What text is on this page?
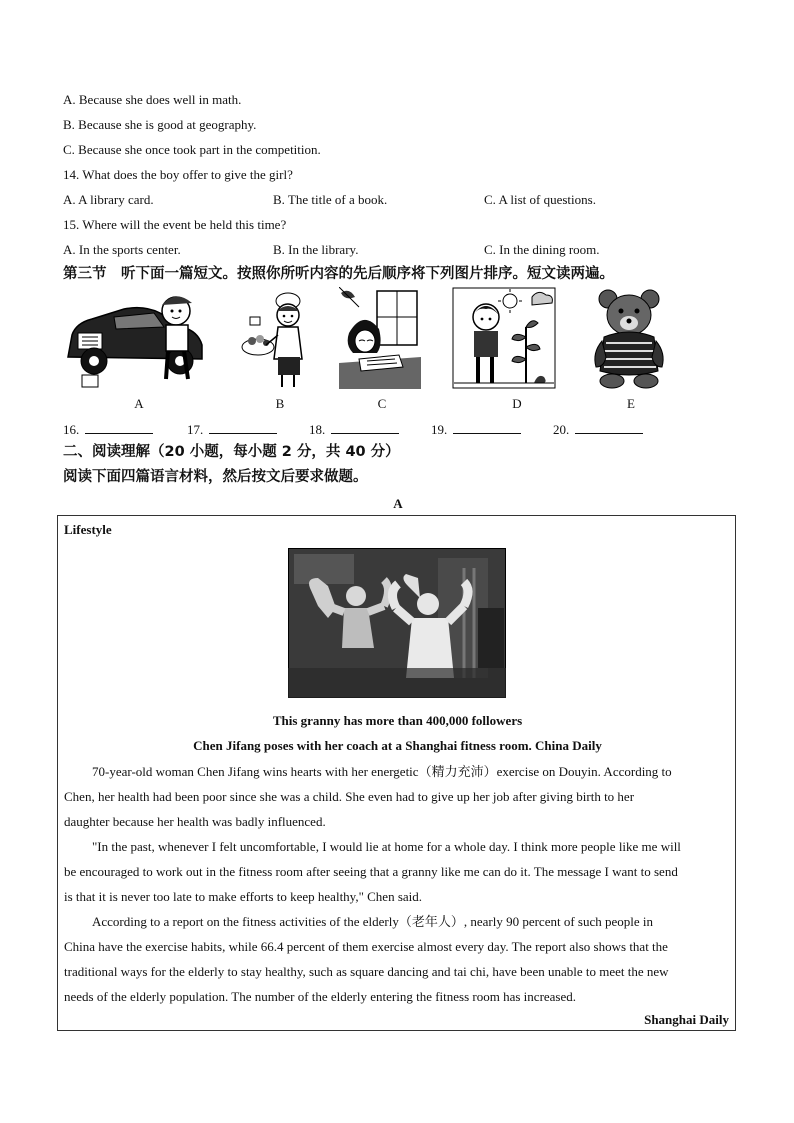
A. Because she does well in math.
B. Because she is good at geography.
C. Because she once took part in the competition.
14. What does the boy offer to give the girl?
A. A library card.	B. The title of a book.	C. A list of questions.
15. Where will the event be held this time?
A. In the sports center.	B. In the library.	C. In the dining room.
第三节　听下面一篇短文。按照你所听内容的先后顺序将下列图片排序。短文读两遍。
A	B	C	D	E
16.	17.	18.	19.	20.
二、阅读理解（20 小题，每小题 2 分，共 40 分）
阅读下面四篇语言材料，然后按文后要求做题。
A
Lifestyle
This granny has more than 400,000 followers
Chen Jifang poses with her coach at a Shanghai fitness room. China Daily
70-year-old woman Chen Jifang wins hearts with her energetic（精力充沛）exercise on Douyin. According to
Chen, her health had been poor since she was a child. She even had to give up her job after giving birth to her
daughter because her health was badly influenced.
"In the past, whenever I felt uncomfortable, I would lie at home for a whole day. I think more people like me will
be encouraged to work out in the fitness room after seeing that a granny like me can do it. The message I want to send
is that it is never too late to make efforts to keep healthy," Chen said.
According to a report on the fitness activities of the elderly（老年人）, nearly 90 percent of such people in
China have the exercise habits, while 66.4 percent of them exercise almost every day. The report also shows that the
traditional ways for the elderly to stay healthy, such as square dancing and tai chi, have been unable to meet the new
needs of the elderly population. The number of the elderly entering the fitness room has increased.
Shanghai Daily
